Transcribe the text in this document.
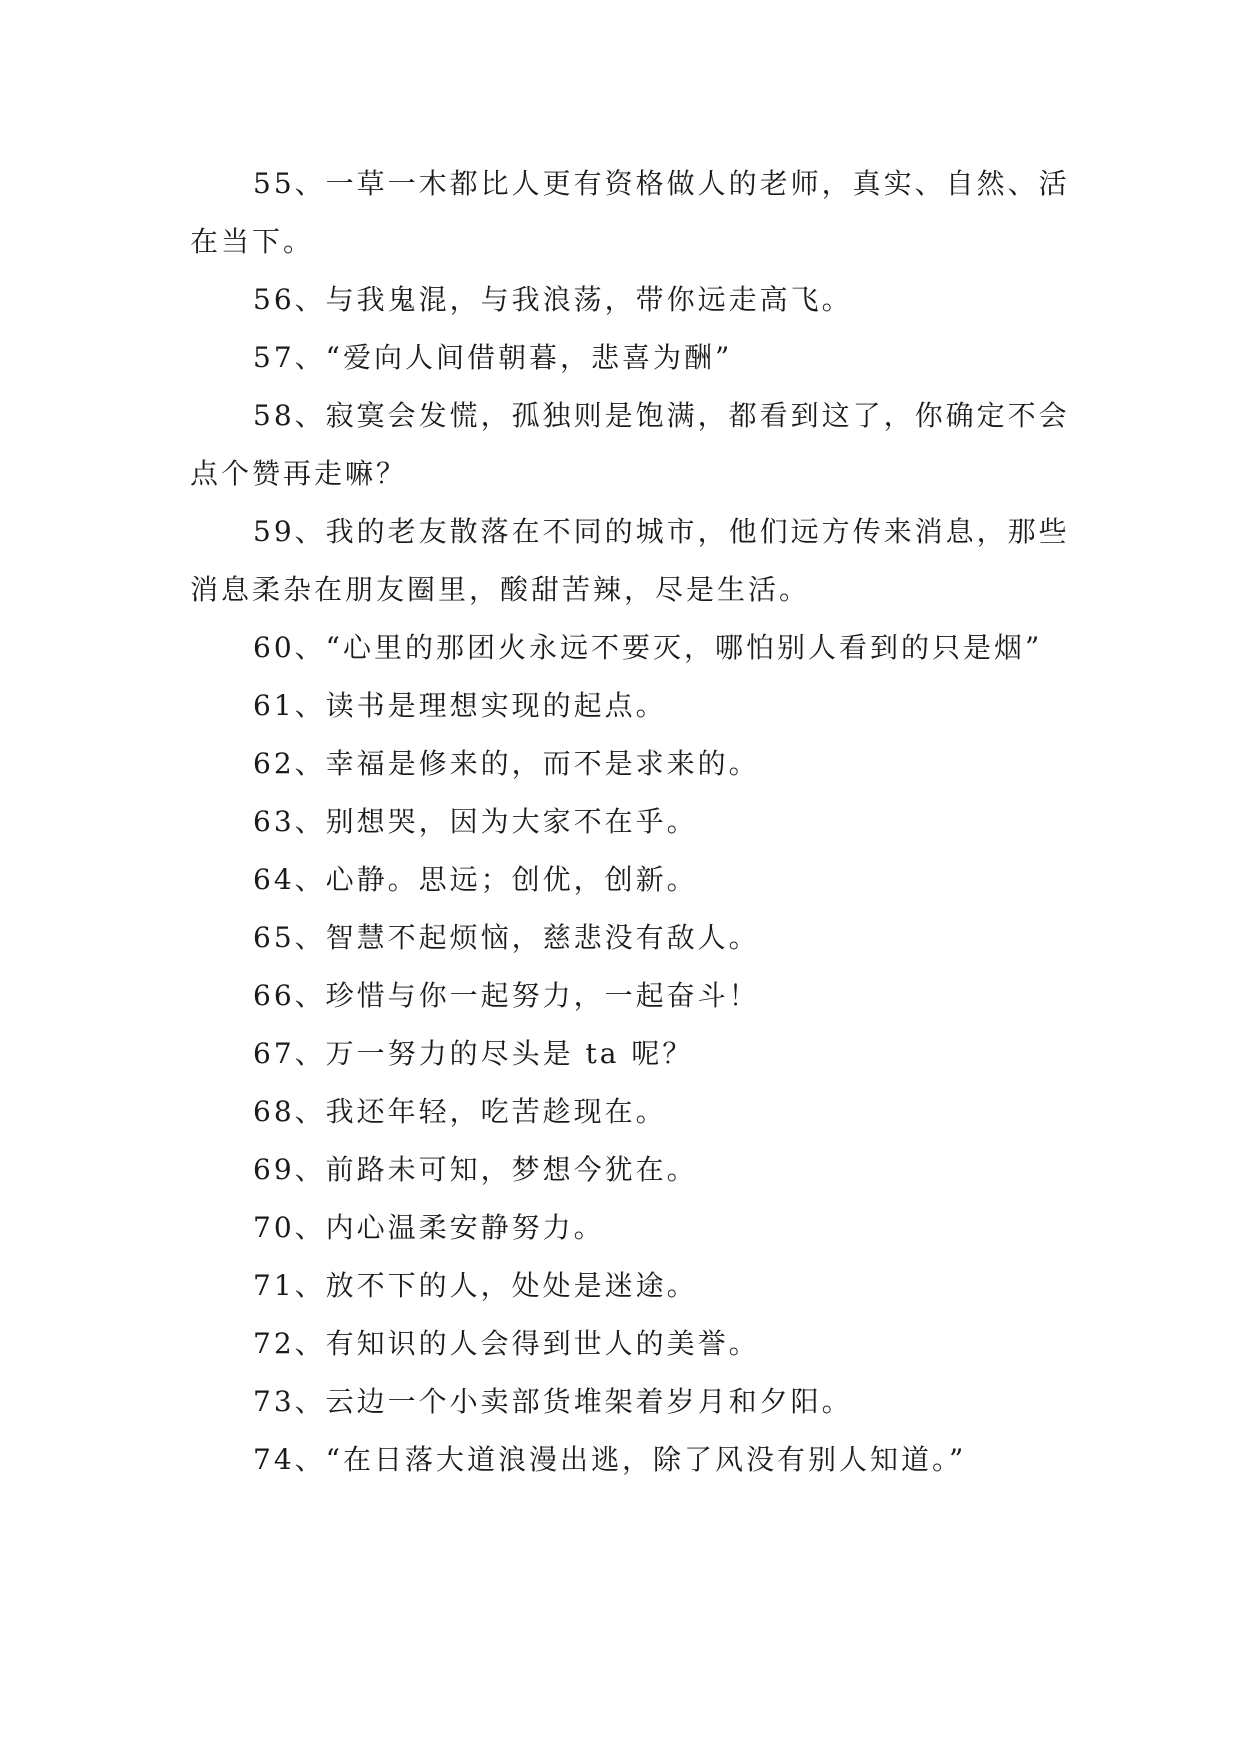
55、一草一木都比人更有资格做人的老师，真实、自然、活在当下。

56、与我鬼混，与我浪荡，带你远走高飞。

57、“爱向人间借朝暮，悲喜为酬”

58、寂寞会发慌，孤独则是饱满，都看到这了，你确定不会点个赞再走嘛？

59、我的老友散落在不同的城市，他们远方传来消息，那些消息柔杂在朋友圈里，酸甜苦辣，尽是生活。

60、“心里的那团火永远不要灭，哪怕别人看到的只是烟”

61、读书是理想实现的起点。

62、幸福是修来的，而不是求来的。

63、别想哭，因为大家不在乎。

64、心静。思远；创优，创新。

65、智慧不起烦恼，慈悲没有敌人。

66、珍惜与你一起努力，一起奋斗！

67、万一努力的尽头是 ta 呢？

68、我还年轻，吃苦趁现在。

69、前路未可知，梦想今犹在。

70、内心温柔安静努力。

71、放不下的人，处处是迷途。

72、有知识的人会得到世人的美誉。

73、云边一个小卖部货堆架着岁月和夕阳。

74、“在日落大道浪漫出逃，除了风没有别人知道。”
